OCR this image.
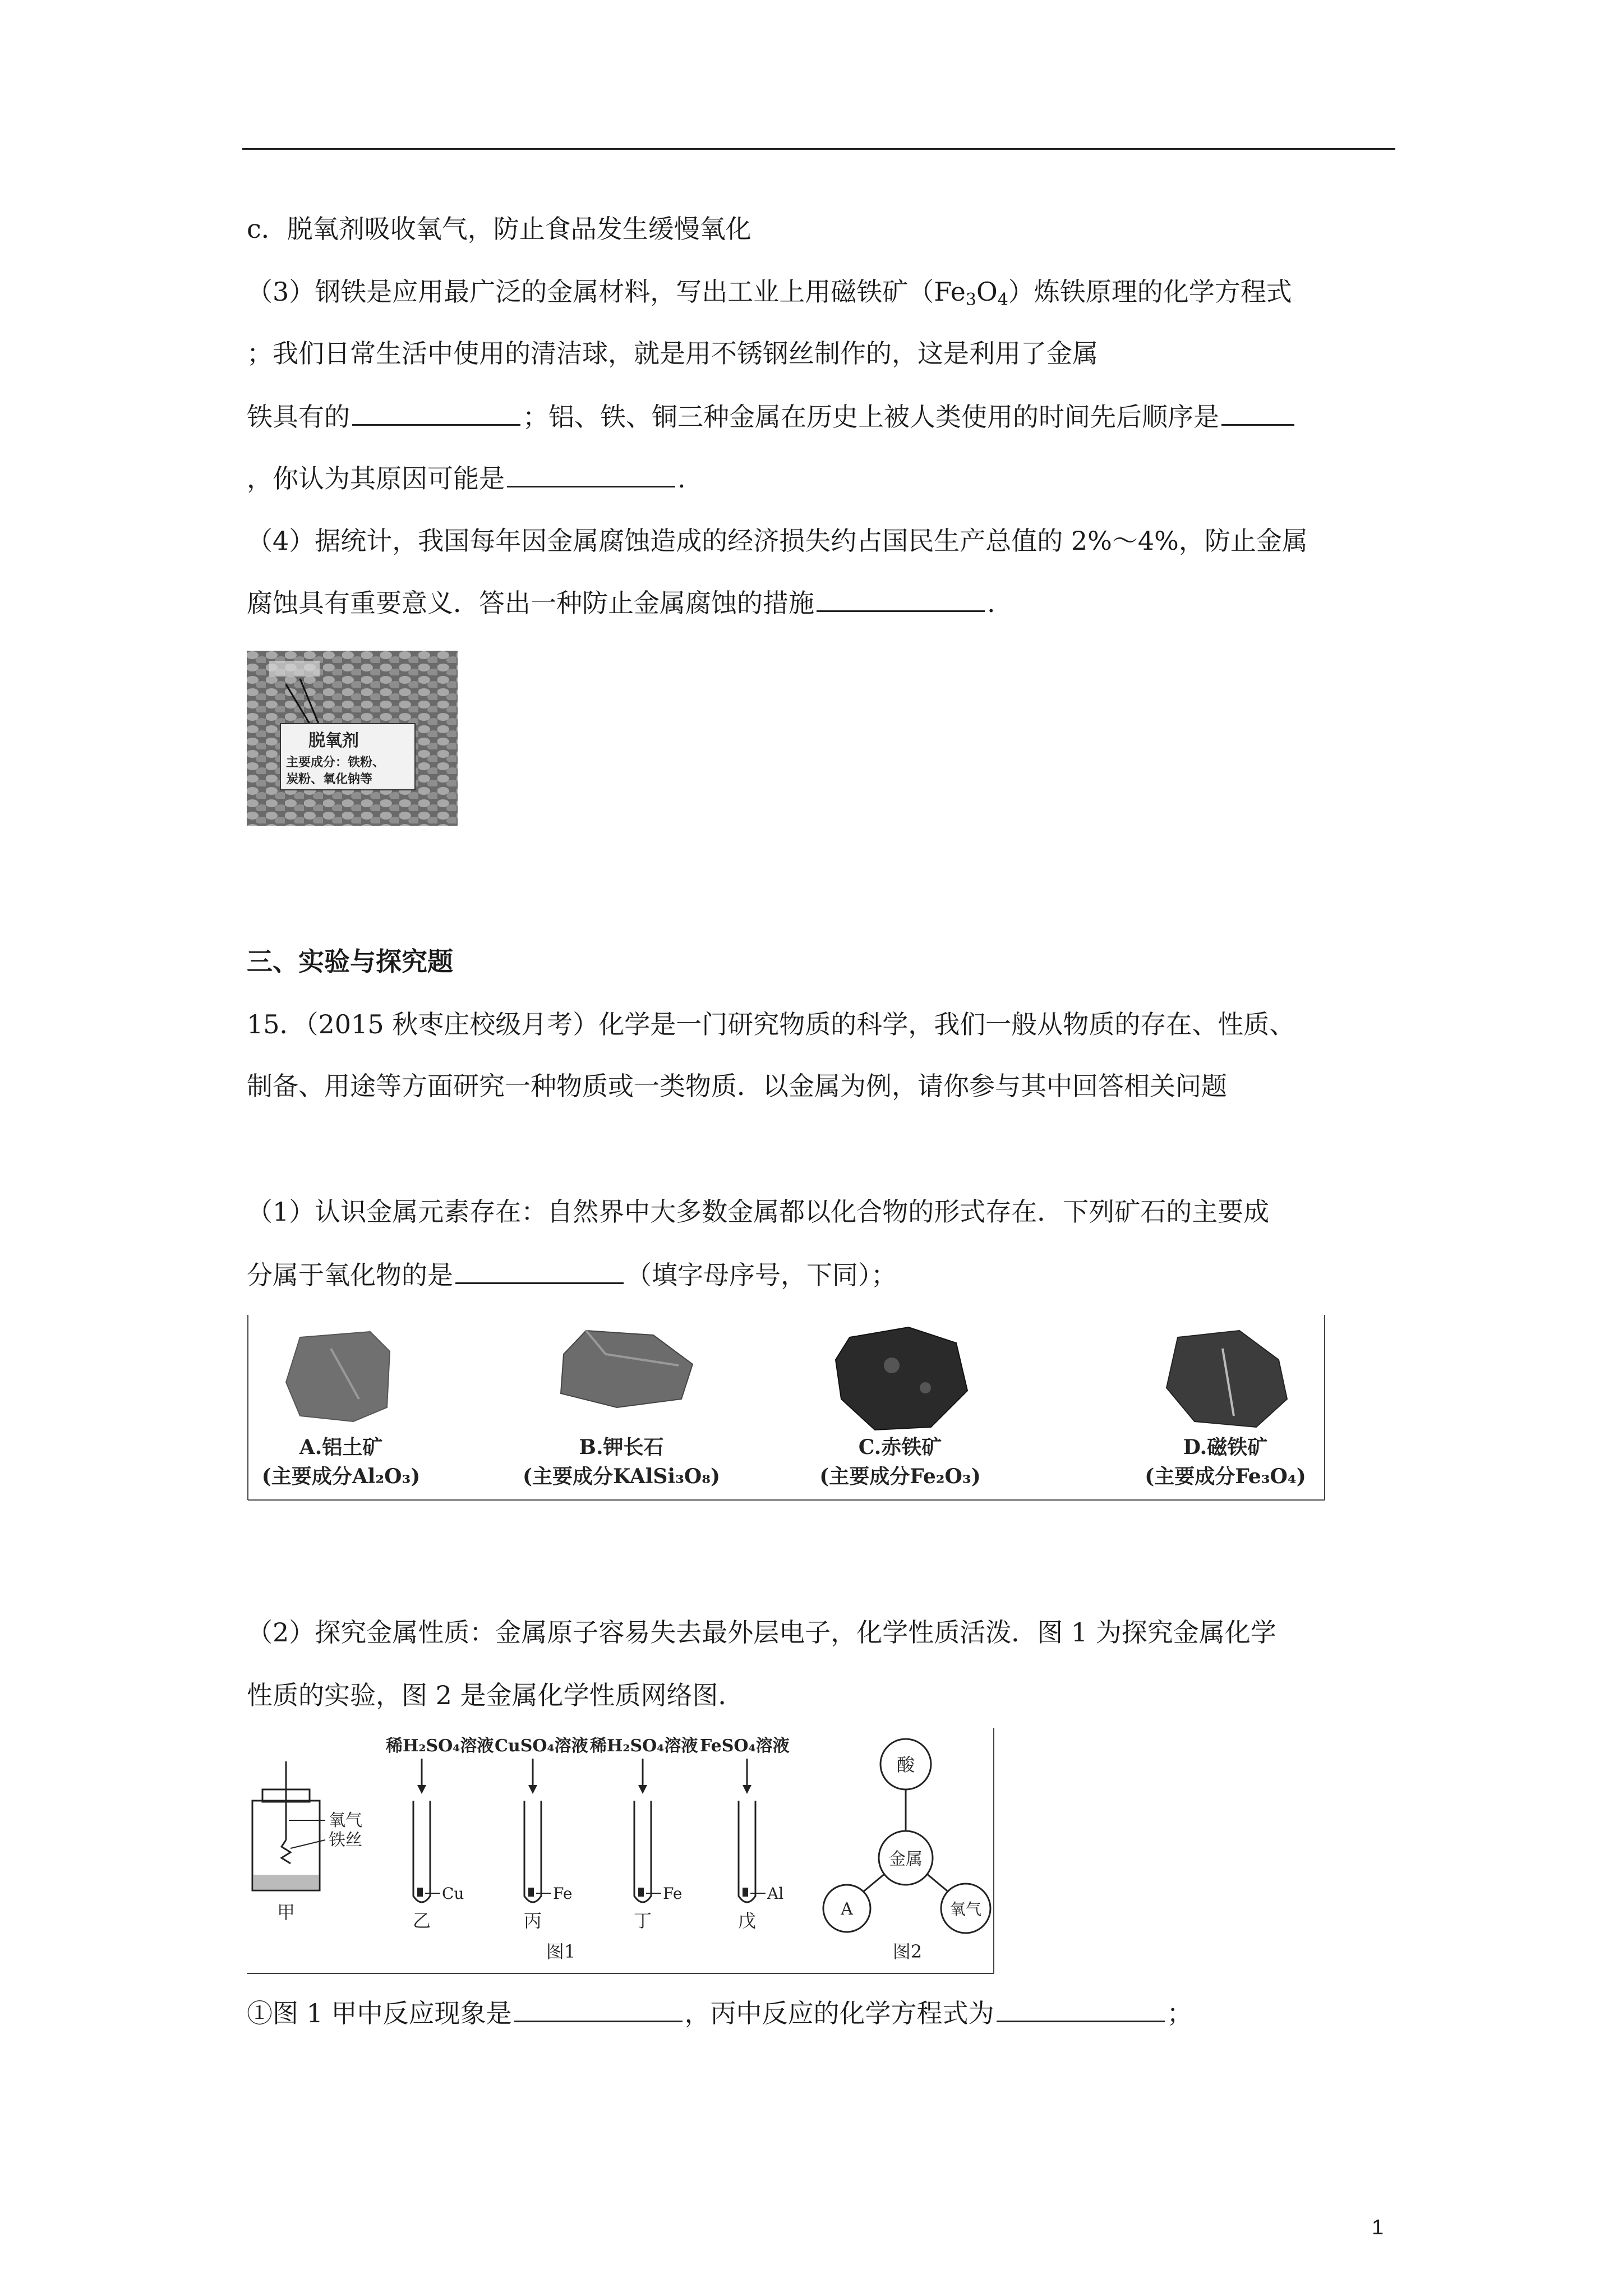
c．脱氧剂吸收氧气，防止食品发生缓慢氧化
（3）钢铁是应用最广泛的金属材料，写出工业上用磁铁矿$(Fe_3O_4)$炼铁原理的化学方程式
；我们日常生活中使用的清洁球，就是用不锈钢丝制作的，这是利用了金属
铁具有的	；铝、铁、铜三种金属在历史上被人类使用的时间先后顺序是
，你认为其原因可能是	.
（4）据统计，我国每年因金属腐蚀造成的经济损失约占国民生产总值的 2%～4%，防止金属
腐蚀具有重要意义．答出一种防止金属腐蚀的措施	.
脱氧剂
主要成分：铁粉、
炭粉、氧化钠等
三、实验与探究题
15．（2015 秋枣庄校级月考）化学是一门研究物质的科学，我们一般从物质的存在、性质、
制备、用途等方面研究一种物质或一类物质．以金属为例，请你参与其中回答相关问题
（1）认识金属元素存在：自然界中大多数金属都以化合物的形式存在．下列矿石的主要成
分属于氧化物的是	（填字母序号，下同）；
A.铝土矿
(主要成分Al₂O₃)
B.钾长石
(主要成分KAlSi₃O₈)
C.赤铁矿
(主要成分Fe₂O₃)
D.磁铁矿
(主要成分Fe₃O₄)
（2）探究金属性质：金属原子容易失去最外层电子，化学性质活泼．图 1 为探究金属化学
性质的实验，图 2 是金属化学性质网络图．
氧气
铁丝
甲
稀H₂SO₄溶液 CuSO₄溶液 稀H₂SO₄溶液 FeSO₄溶液
Cu
乙
Fe
丙
Fe
丁
Al
戊
图1
酸
金属
A	氧气
图2
①图 1 甲中反应现象是	，丙中反应的化学方程式为	；
1
